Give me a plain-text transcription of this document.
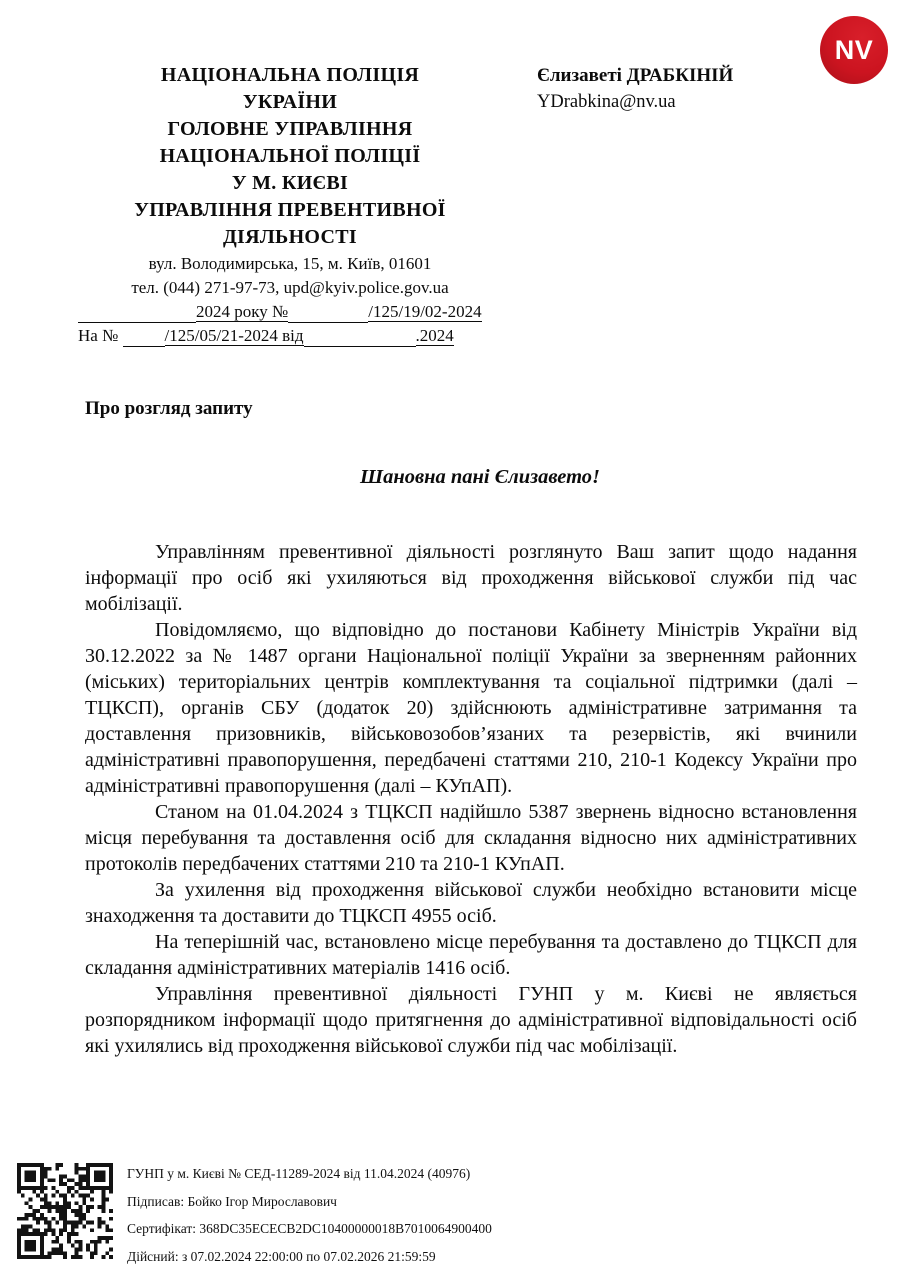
НАЦІОНАЛЬНА ПОЛІЦІЯ
УКРАЇНИ
ГОЛОВНЕ УПРАВЛІННЯ
НАЦІОНАЛЬНОЇ ПОЛІЦІЇ
У М. КИЄВІ
УПРАВЛІННЯ ПРЕВЕНТИВНОЇ
ДІЯЛЬНОСТІ
вул. Володимирська, 15, м. Київ, 01601
тел. (044) 271-97-73, upd@kyiv.police.gov.ua
2024 року №	/125/19/02-2024
На №	/125/05/21-2024 від	.2024
Єлизаветі ДРАБКІНІЙ
YDrabkina@nv.ua
NV
Про розгляд запиту
Шановна пані Єлизавето!

Управлінням превентивної діяльності розглянуто Ваш запит щодо надання інформації про осіб які ухиляються від проходження військової служби під час мобілізації.

Повідомляємо, що відповідно до постанови Кабінету Міністрів України від 30.12.2022 за № 1487 органи Національної поліції України за зверненням районних (міських) територіальних центрів комплектування та соціальної підтримки (далі – ТЦКСП), органів СБУ (додаток 20) здійснюють адміністративне затримання та доставлення призовників, військовозобов’язаних та резервістів, які вчинили адміністративні правопорушення, передбачені статтями 210, 210-1 Кодексу України про адміністративні правопорушення (далі – КУпАП).

Станом на 01.04.2024 з ТЦКСП надійшло 5387 звернень відносно встановлення місця перебування та доставлення осіб для складання відносно них адміністративних протоколів передбачених статтями 210 та 210-1 КУпАП.

За ухилення від проходження військової служби необхідно встановити місце знаходження та доставити до ТЦКСП 4955 осіб.

На теперішній час, встановлено місце перебування та доставлено до ТЦКСП для складання адміністративних матеріалів 1416 осіб.

Управління превентивної діяльності ГУНП у м. Києві не являється розпорядником інформації щодо притягнення до адміністративної відповідальності осіб які ухилялись від проходження військової служби під час мобілізації.

ГУНП у м. Києві № СЕД-11289-2024 від 11.04.2024 (40976)
Підписав: Бойко Ігор Мирославович
Сертифікат: 368DC35ECECB2DC10400000018B7010064900400
Дійсний: з 07.02.2024 22:00:00 по 07.02.2026 21:59:59
